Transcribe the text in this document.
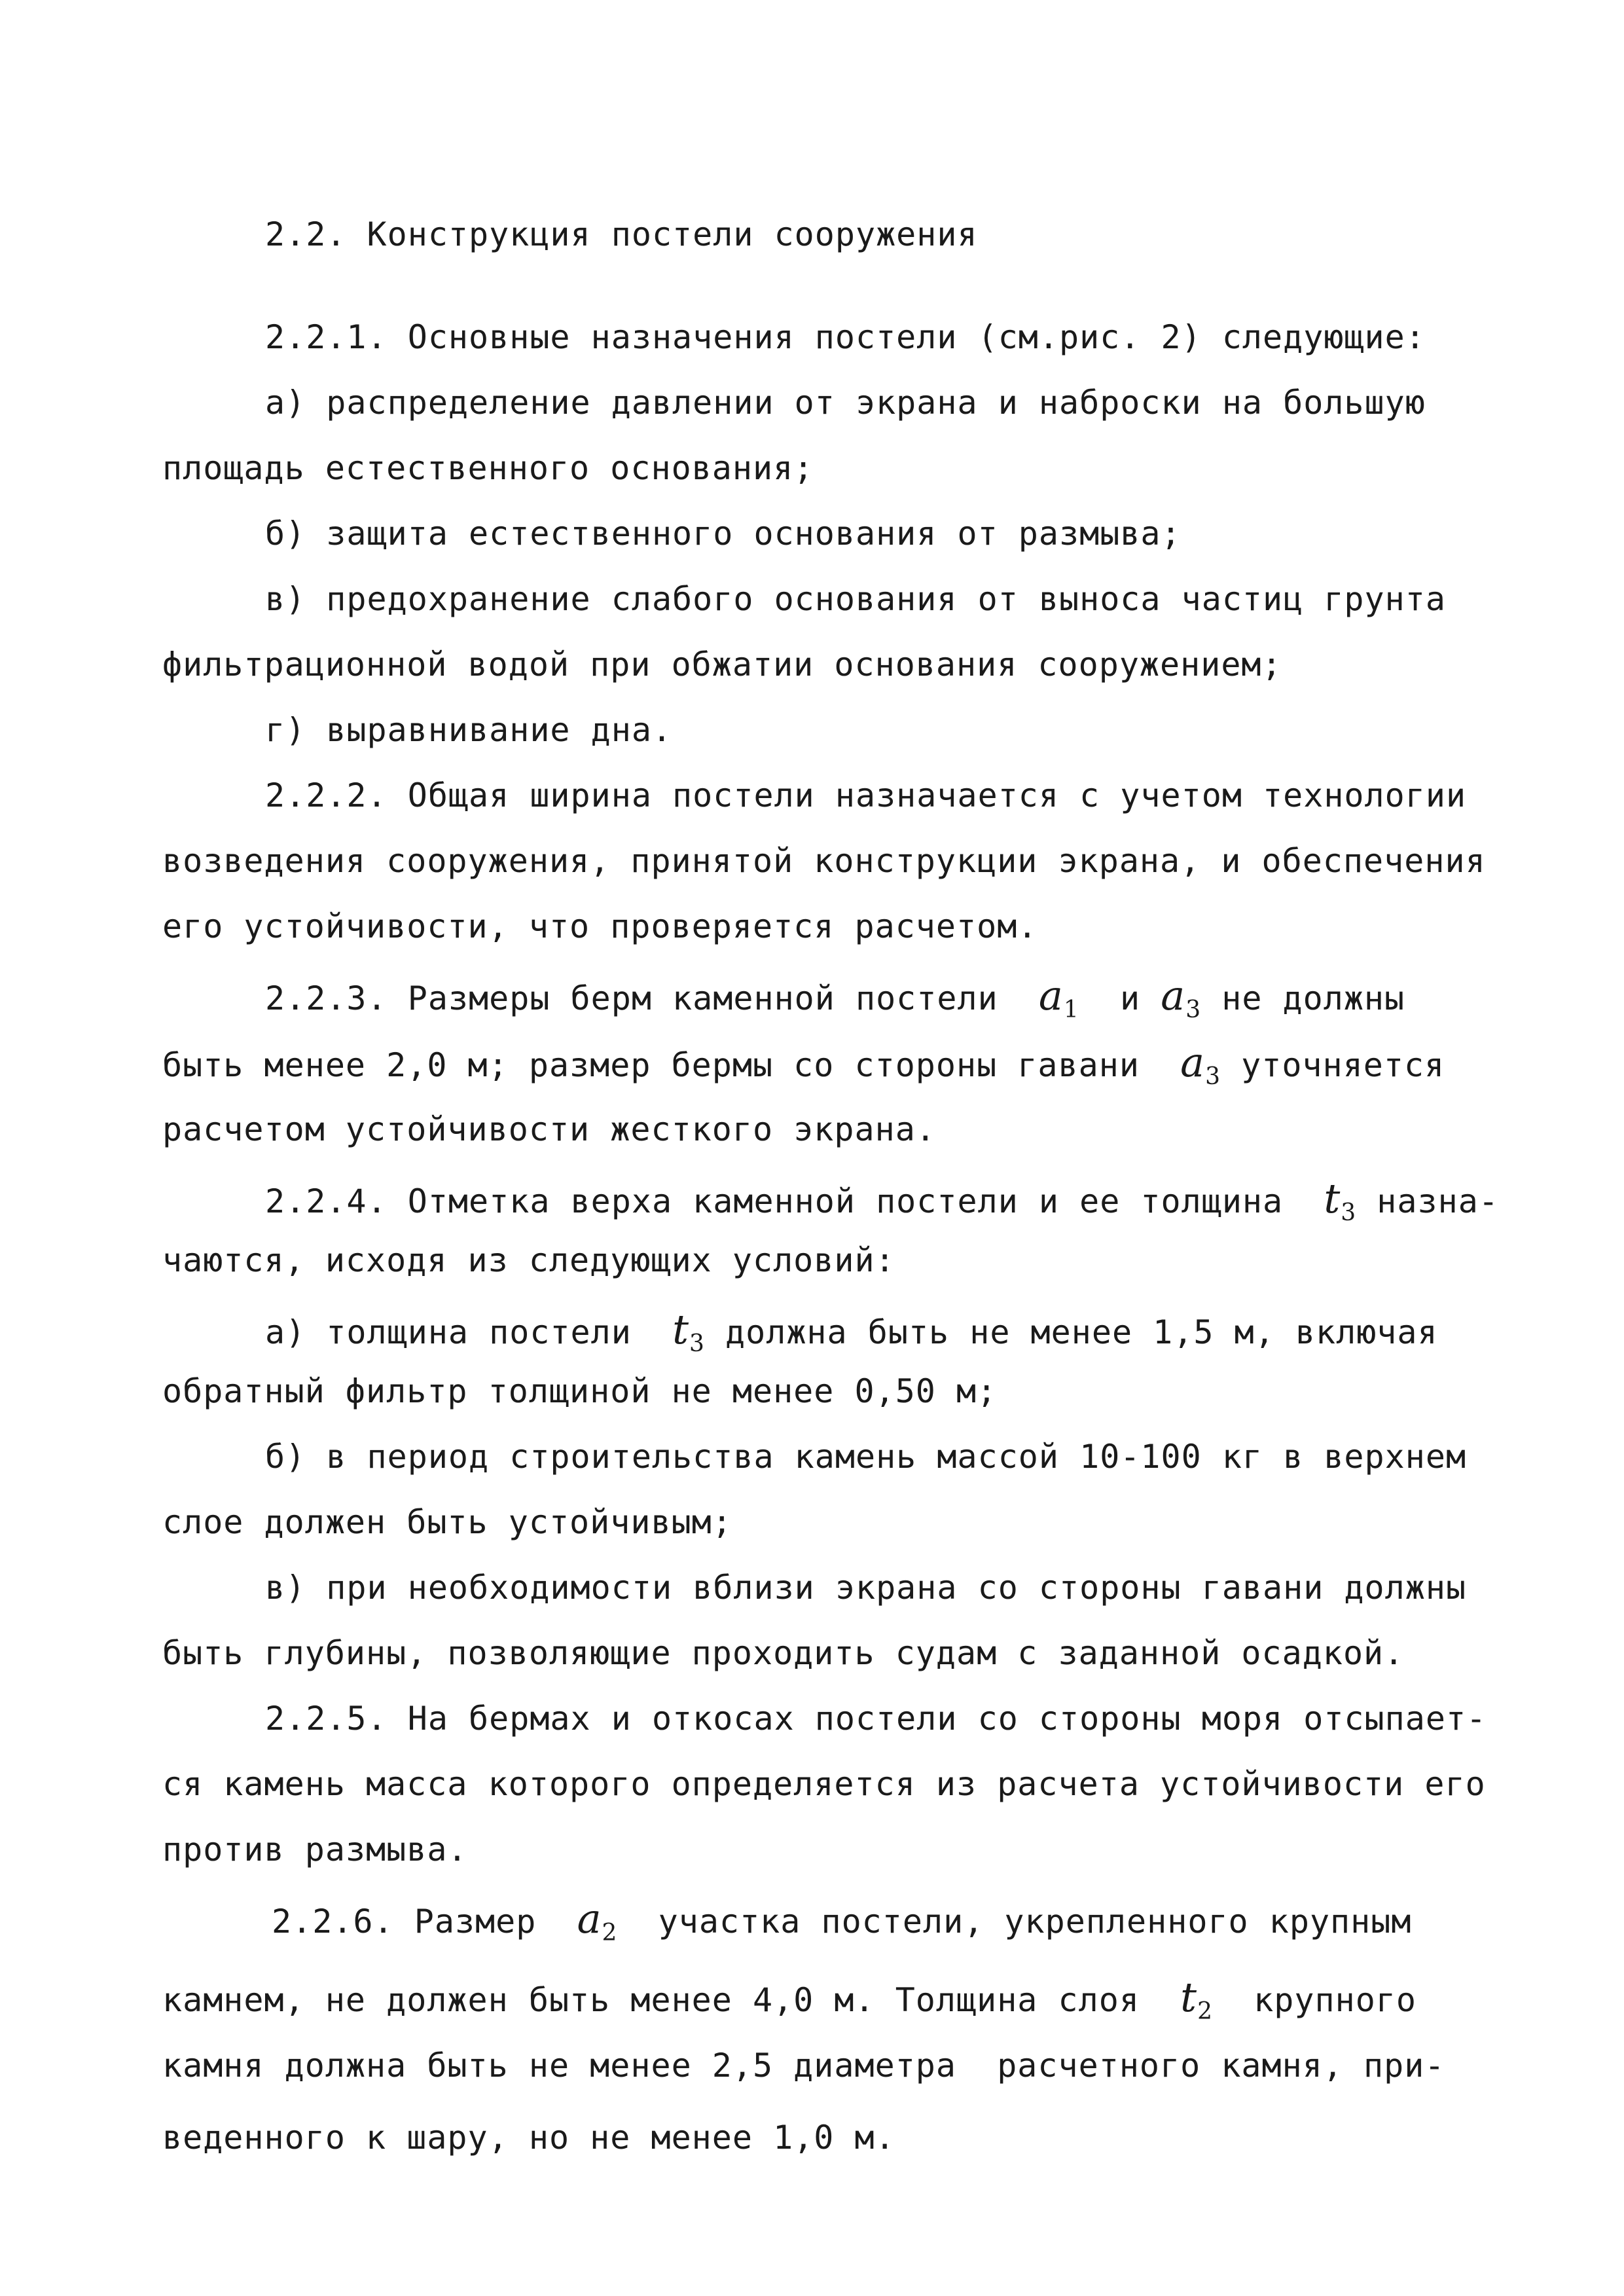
2.2. Конструкция постели сооружения
2.2.1. Основные назначения постели (см.рис. 2) следующие:
а) распределение давлении от экрана и наброски на большую
площадь естественного основания;
б) защита естественного основания от размыва;
в) предохранение слабого основания от выноса частиц грунта
фильтрационной водой при обжатии основания сооружением;
г) выравнивание дна.
2.2.2. Общая ширина постели назначается с учетом технологии
возведения сооружения, принятой конструкции экрана, и обеспечения
его устойчивости, что проверяется расчетом.
2.2.3. Размеры берм каменной постели $a_1$ и $a_3$ не должны
быть менее 2,0 м; размер бермы со стороны гавани $a_3$ уточняется
расчетом устойчивости жесткого экрана.
2.2.4. Отметка верха каменной постели и ее толщина $t_3$ назна-
чаются, исходя из следующих условий:
а) толщина постели $t_3$ должна быть не менее 1,5 м, включая
обратный фильтр толщиной не менее 0,50 м;
б) в период строительства камень массой 10-100 кг в верхнем
слое должен быть устойчивым;
в) при необходимости вблизи экрана со стороны гавани должны
быть глубины, позволяющие проходить судам с заданной осадкой.
2.2.5. На бермах и откосах постели со стороны моря отсыпает-
ся камень масса которого определяется из расчета устойчивости его
против размыва.
2.2.6. Размер $a_2$ участка постели, укрепленного крупным
камнем, не должен быть менее 4,0 м. Толщина слоя $t_2$ крупного
камня должна быть не менее 2,5 диаметра  расчетного камня, при-
веденного к шару, но не менее 1,0 м.
